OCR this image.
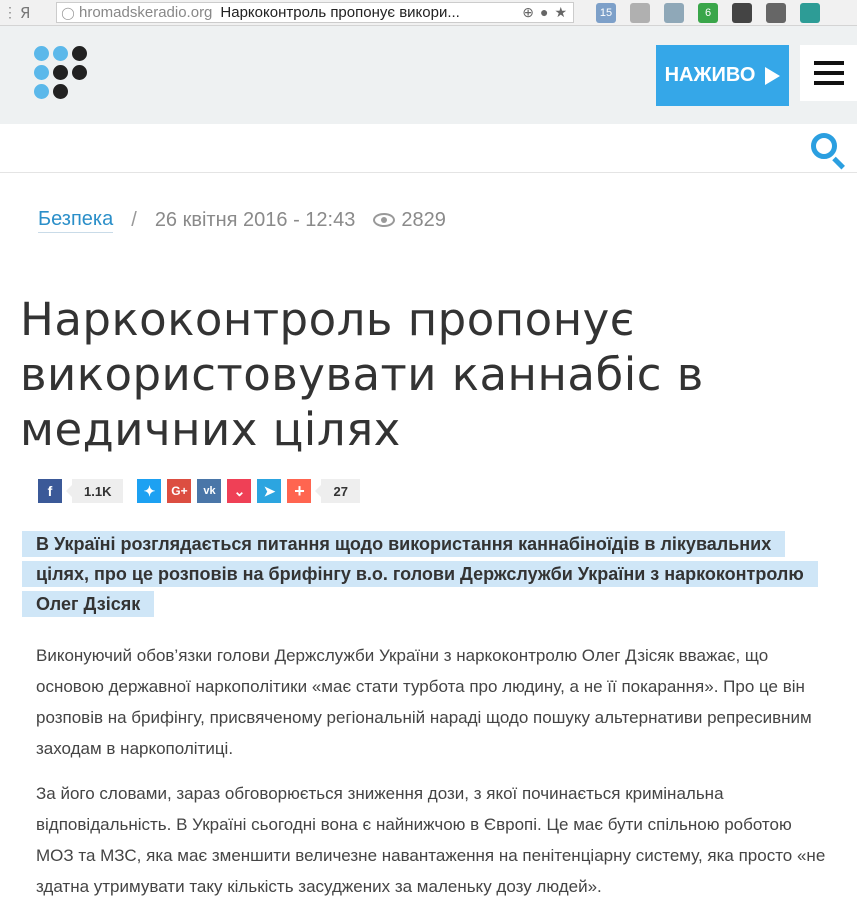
⋮ Я	◯ hromadskeradio.org Наркоконтроль пропонує викори...	⊕ ● ★	15	6
НАЖИВО
Безпека / 26 квітня 2016 - 12:43 2829
Наркоконтроль пропонує використовувати каннабіс в медичних цілях
f	1.1K	✦	G+	vk	⌄	➤	+	27

В Україні розглядається питання щодо використання каннабіноїдів в лікувальних цілях, про це розповів на брифінгу в.о. голови Держслужби України з наркоконтролю Олег Дзісяк

Виконуючий обов’язки голови Держслужби України з наркоконтролю Олег Дзісяк вважає, що основою державної наркополітики «має стати турбота про людину, а не її покарання». Про це він розповів на брифінгу, присвяченому регіональній нараді щодо пошуку альтернативи репресивним заходам в наркополітиці.

За його словами, зараз обговорюється зниження дози, з якої починається кримінальна відповідальність. В Україні сьогодні вона є найнижчою в Європі. Це має бути спільною роботою МОЗ та МЗС, яка має зменшити величезне навантаження на пенітенціарну систему, яка просто «не здатна утримувати таку кількість засуджених за маленьку дозу людей».
